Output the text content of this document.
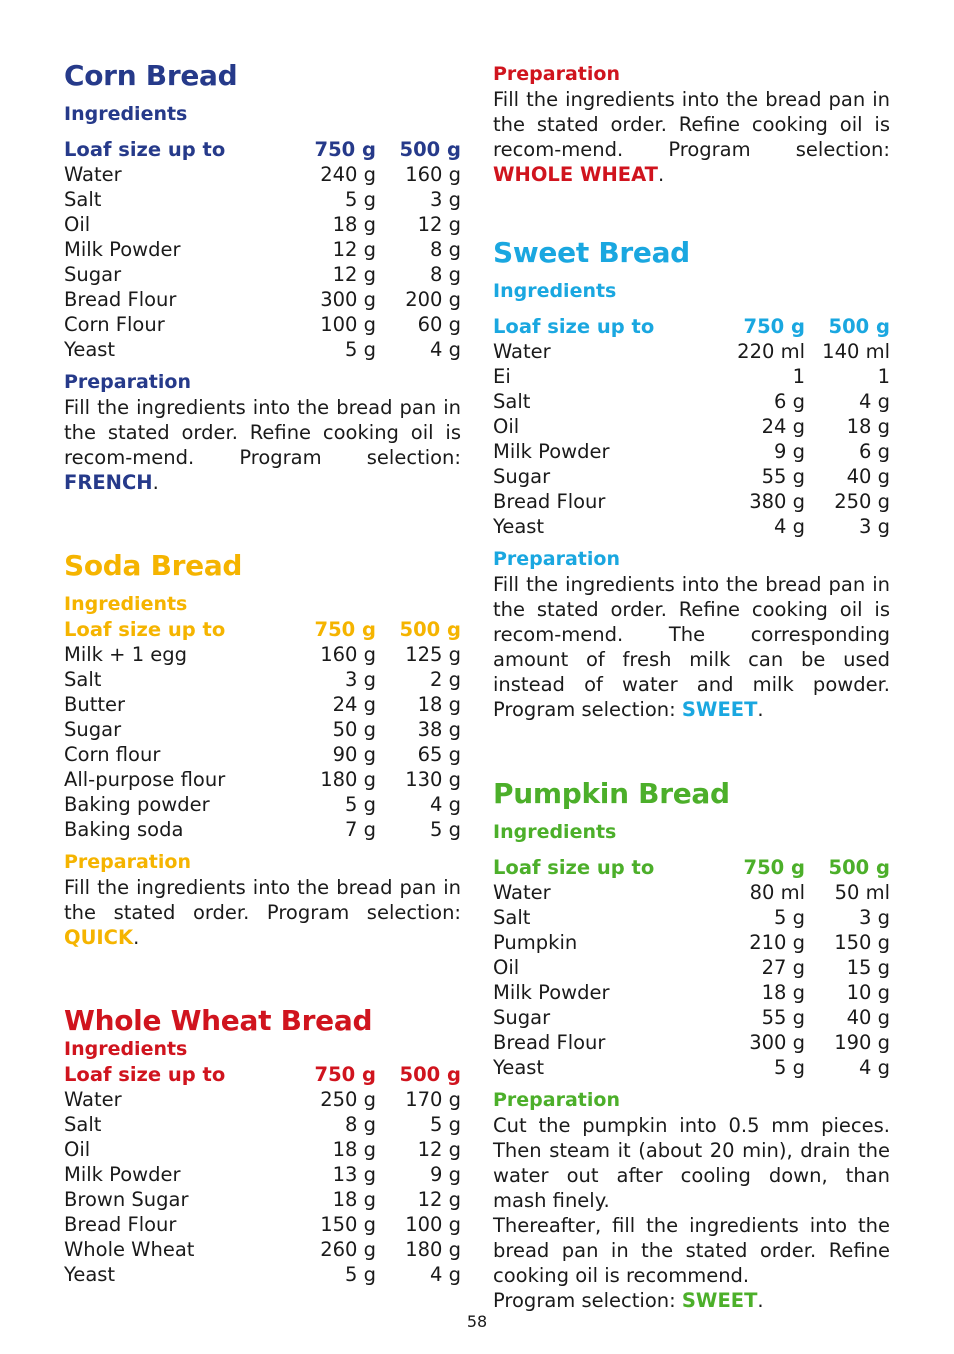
Corn Bread

Ingredients

Loaf size up to	750 g	500 g
Water	240 g	160 g
Salt	5 g	3 g
Oil	18 g	12 g
Milk Powder	12 g	8 g
Sugar	12 g	8 g
Bread Flour	300 g	200 g
Corn Flour	100 g	60 g
Yeast	5 g	4 g

Preparation

Fill the ingredients into the bread pan in the stated order. Refine cooking oil is recom-mend. Program selection: FRENCH.

Soda Bread

Ingredients

Loaf size up to	750 g	500 g
Milk + 1 egg	160 g	125 g
Salt	3 g	2 g
Butter	24 g	18 g
Sugar	50 g	38 g
Corn flour	90 g	65 g
All-purpose flour	180 g	130 g
Baking powder	5 g	4 g
Baking soda	7 g	5 g

Preparation

Fill the ingredients into the bread pan in the stated order. Program selection: QUICK.

Whole Wheat Bread

Ingredients

Loaf size up to	750 g	500 g
Water	250 g	170 g
Salt	8 g	5 g
Oil	18 g	12 g
Milk Powder	13 g	9 g
Brown Sugar	18 g	12 g
Bread Flour	150 g	100 g
Whole Wheat	260 g	180 g
Yeast	5 g	4 g

Preparation

Fill the ingredients into the bread pan in the stated order. Refine cooking oil is recom-mend. Program selection: WHOLE WHEAT.

Sweet Bread

Ingredients

Loaf size up to	750 g	500 g
Water	220 ml 140 ml
Ei	1	1
Salt	6 g	4 g
Oil	24 g	18 g
Milk Powder	9 g	6 g
Sugar	55 g	40 g
Bread Flour	380 g	250 g
Yeast	4 g	3 g

Preparation

Fill the ingredients into the bread pan in the stated order. Refine cooking oil is recom-mend. The corresponding amount of fresh milk can be used instead of water and milk powder. Program selection: SWEET.

Pumpkin Bread

Ingredients

Loaf size up to	750 g	500 g
Water	80 ml	50 ml
Salt	5 g	3 g
Pumpkin	210 g	150 g
Oil	27 g	15 g
Milk Powder	18 g	10 g
Sugar	55 g	40 g
Bread Flour	300 g	190 g
Yeast	5 g	4 g

Preparation

Cut the pumpkin into 0.5 mm pieces. Then steam it (about 20 min), drain the water out after cooling down, than mash finely.

Thereafter, fill the ingredients into the bread pan in the stated order. Refine cooking oil is recommend.

Program selection: SWEET.

58
